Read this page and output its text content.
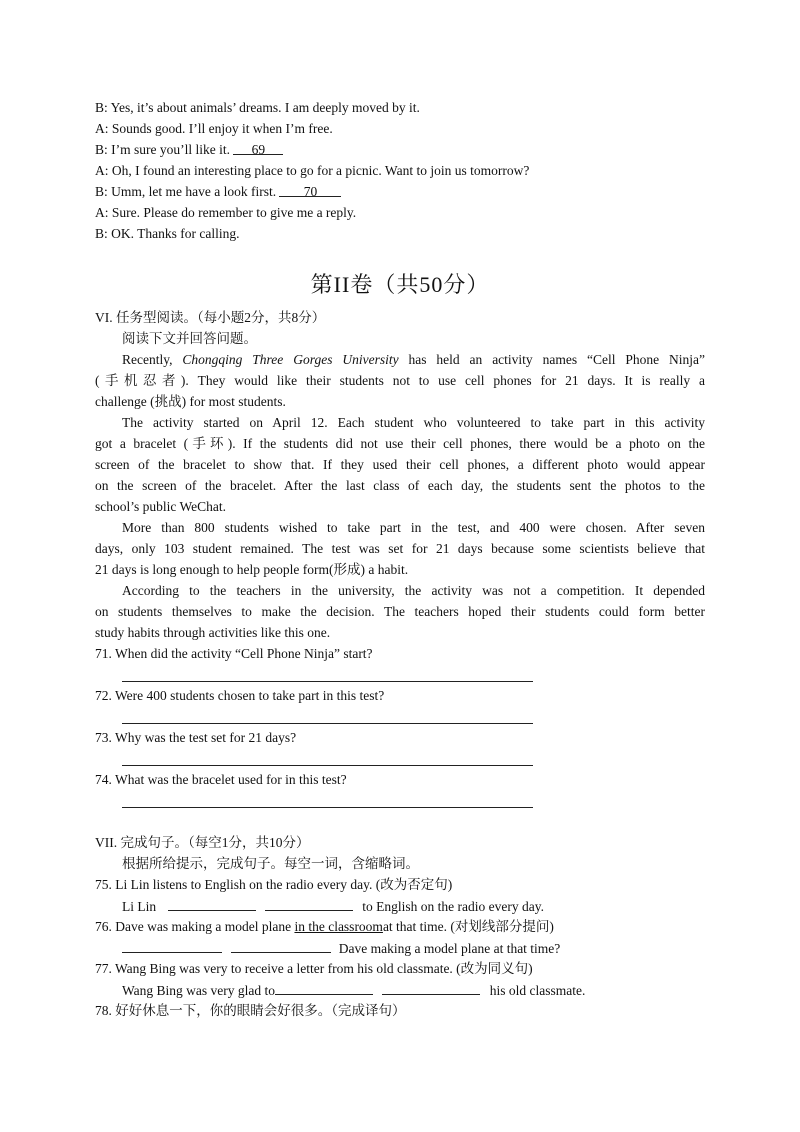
B: Yes, it’s about animals’ dreams. I am deeply moved by it.
A: Sounds good. I’ll enjoy it when I’m free.
B: I’m sure you’ll like it. 69
A: Oh, I found an interesting place to go for a picnic. Want to join us tomorrow?
B: Umm, let me have a look first. 70
A: Sure. Please do remember to give me a reply.
B: OK. Thanks for calling.
第II卷（共50分）
VI. 任务型阅读。（每小题2分，共8分）
阅读下文并回答问题。
Recently, Chongqing Three Gorges University has held an activity names “Cell Phone Ninja”
(手机忍者). They would like their students not to use cell phones for 21 days. It is really a
challenge (挑战) for most students.
The activity started on April 12. Each student who volunteered to take part in this activity
got a bracelet (手环). If the students did not use their cell phones, there would be a photo on the
screen of the bracelet to show that. If they used their cell phones, a different photo would appear
on the screen of the bracelet. After the last class of each day, the students sent the photos to the
school’s public WeChat.
More than 800 students wished to take part in the test, and 400 were chosen. After seven
days, only 103 student remained. The test was set for 21 days because some scientists believe that
21 days is long enough to help people form(形成) a habit.
According to the teachers in the university, the activity was not a competition. It depended
on students themselves to make the decision. The teachers hoped their students could form better
study habits through activities like this one.
71. When did the activity “Cell Phone Ninja” start?
72. Were 400 students chosen to take part in this test?
73. Why was the test set for 21 days?
74. What was the bracelet used for in this test?
VII. 完成句子。（每空1分，共10分）
根据所给提示，完成句子。每空一词，含缩略词。
75. Li Lin listens to English on the radio every day. (改为否定句)
Li Lin	to English on the radio every day.
76. Dave was making a model plane in the classroomat that time. (对划线部分提问)
Dave making a model plane at that time?
77. Wang Bing was very to receive a letter from his old classmate. (改为同义句)
Wang Bing was very glad to	his old classmate.
78. 好好休息一下，你的眼睛会好很多。（完成译句）
